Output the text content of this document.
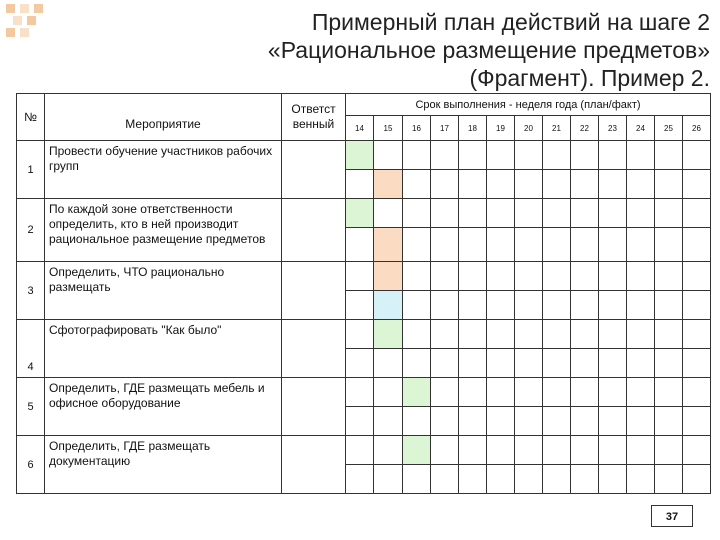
Примерный план действий на шаге 2
«Рациональное размещение предметов»
(Фрагмент). Пример 2.
№	Мероприятие	Ответст венный	Срок выполнения - неделя года (план/факт)												
			14	15	16	17	18	19	20	21	22	23	24	25	26
1	Провести обучение участников рабочих групп														

2	По каждой зоне ответственности определить, кто в ней производит рациональное размещение предметов														

3	Определить, ЧТО рационально размещать														

4	Сфотографировать "Как было"														

5	Определить, ГДЕ размещать мебель и офисное оборудование														

6	Определить, ГДЕ размещать документацию														

37
